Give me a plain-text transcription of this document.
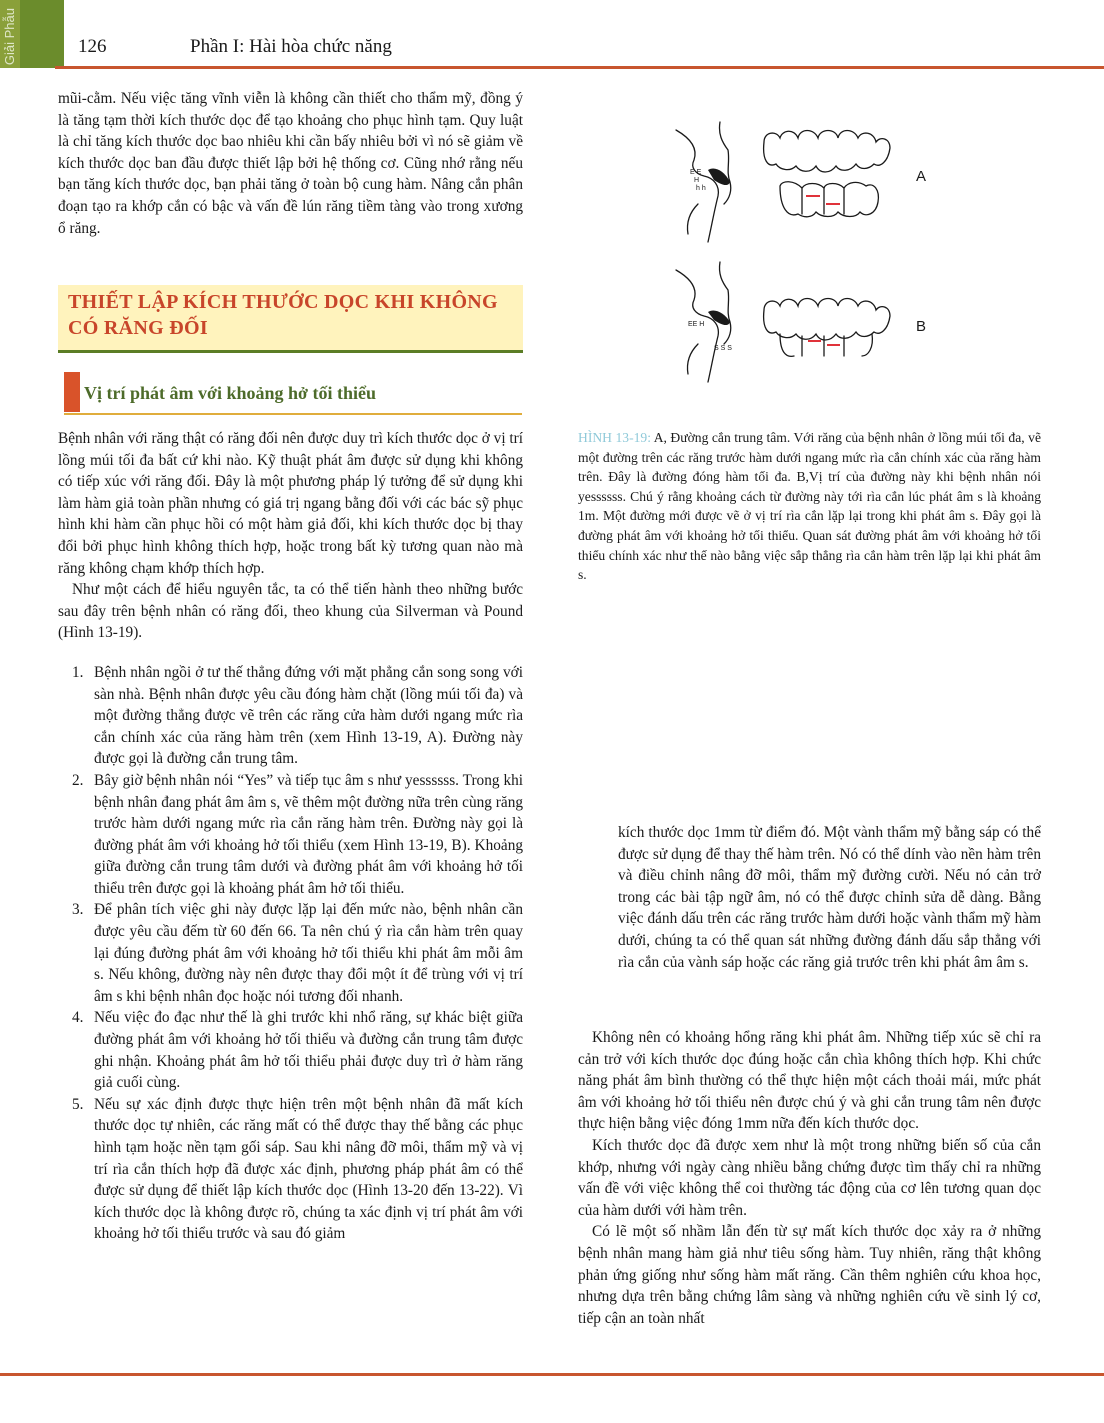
Giải Phẫu	126	Phần I: Hài hòa chức năng

mũi-cằm. Nếu việc tăng vĩnh viễn là không cần thiết cho thẩm mỹ, đồng ý là tăng tạm thời kích thước dọc để tạo khoảng cho phục hình tạm. Quy luật là chỉ tăng kích thước dọc bao nhiêu khi cần bấy nhiêu bởi vì nó sẽ giảm về kích thước dọc ban đầu được thiết lập bởi hệ thống cơ. Cũng nhớ rằng nếu bạn tăng kích thước dọc, bạn phải tăng ở toàn bộ cung hàm. Nâng cắn phân đoạn tạo ra khớp cắn có bậc và vấn đề lún răng tiềm tàng vào trong xương ổ răng.

THIẾT LẬP KÍCH THƯỚC DỌC KHI KHÔNG
CÓ RĂNG ĐỐI
Vị trí phát âm với khoảng hở tối thiểu

Bệnh nhân với răng thật có răng đối nên được duy trì kích thước dọc ở vị trí lồng múi tối đa bất cứ khi nào. Kỹ thuật phát âm được sử dụng khi không có tiếp xúc với răng đối. Đây là một phương pháp lý tưởng để sử dụng khi làm hàm giả toàn phần nhưng có giá trị ngang bằng đối với các bác sỹ phục hình khi hàm cần phục hồi có một hàm giả đối, khi kích thước dọc bị thay đổi bởi phục hình không thích hợp, hoặc trong bất kỳ tương quan nào mà răng không chạm khớp thích hợp.

Như một cách để hiểu nguyên tắc, ta có thể tiến hành theo những bước sau đây trên bệnh nhân có răng đối, theo khung của Silverman và Pound (Hình 13-19).

1. Bệnh nhân ngồi ở tư thế thẳng đứng với mặt phẳng cắn song song với sàn nhà. Bệnh nhân được yêu cầu đóng hàm chặt (lồng múi tối đa) và một đường thẳng được vẽ trên các răng cửa hàm dưới ngang mức rìa cắn chính xác của răng hàm trên (xem Hình 13-19, A). Đường này được gọi là đường cắn trung tâm.
2. Bây giờ bệnh nhân nói “Yes” và tiếp tục âm s như yessssss. Trong khi bệnh nhân đang phát âm âm s, vẽ thêm một đường nữa trên cùng răng trước hàm dưới ngang mức rìa cắn răng hàm trên. Đường này gọi là đường phát âm với khoảng hở tối thiểu (xem Hình 13-19, B). Khoảng giữa đường cắn trung tâm dưới và đường phát âm với khoảng hở tối thiểu trên được gọi là khoảng phát âm hở tối thiểu.
3. Để phân tích việc ghi này được lặp lại đến mức nào, bệnh nhân cần được yêu cầu đếm từ 60 đến 66. Ta nên chú ý rìa cắn hàm trên quay lại đúng đường phát âm với khoảng hở tối thiểu khi phát âm mỗi âm s. Nếu không, đường này nên được thay đổi một ít để trùng với vị trí âm s khi bệnh nhân đọc hoặc nói tương đối nhanh.
4. Nếu việc đo đạc như thế là ghi trước khi nhổ răng, sự khác biệt giữa đường phát âm với khoảng hở tối thiểu và đường cắn trung tâm được ghi nhận. Khoảng phát âm hở tối thiểu phải được duy trì ở hàm răng giả cuối cùng.
5. Nếu sự xác định được thực hiện trên một bệnh nhân đã mất kích thước dọc tự nhiên, các răng mất có thể được thay thế bằng các phục hình tạm hoặc nền tạm gối sáp. Sau khi nâng đỡ môi, thẩm mỹ và vị trí rìa cắn thích hợp đã được xác định, phương pháp phát âm có thể được sử dụng để thiết lập kích thước dọc (Hình 13-20 đến 13-22). Vì kích thước dọc là không được rõ, chúng ta xác định vị trí phát âm với khoảng hở tối thiểu trước và sau đó giảm
E E
H
h h
EE H
S S S
A
B

HÌNH 13-19: A, Đường cắn trung tâm. Với răng của bệnh nhân ở lồng múi tối đa, vẽ một đường trên các răng trước hàm dưới ngang mức rìa cắn chính xác của răng hàm trên. Đây là đường đóng hàm tối đa. B,Vị trí của đường này khi bệnh nhân nói yessssss. Chú ý rằng khoảng cách từ đường này tới rìa cắn lúc phát âm s là khoảng 1m. Một đường mới được vẽ ở vị trí rìa cắn lặp lại trong khi phát âm s. Đây gọi là đường phát âm với khoảng hở tối thiểu. Quan sát đường phát âm với khoảng hở tối thiểu chính xác như thế nào bằng việc sắp thẳng rìa cắn hàm trên lặp lại khi phát âm s.

kích thước dọc 1mm từ điểm đó. Một vành thẩm mỹ bằng sáp có thể được sử dụng để thay thế hàm trên. Nó có thể dính vào nền hàm trên và điều chỉnh nâng đỡ môi, thẩm mỹ đường cười. Nếu nó cản trở trong các bài tập ngữ âm, nó có thể được chỉnh sửa dễ dàng. Bằng việc đánh dấu trên các răng trước hàm dưới hoặc vành thẩm mỹ hàm dưới, chúng ta có thể quan sát những đường đánh dấu sắp thẳng với rìa cắn của vành sáp hoặc các răng giả trước trên khi phát âm âm s.

Không nên có khoảng hổng răng khi phát âm. Những tiếp xúc sẽ chỉ ra cản trở với kích thước dọc đúng hoặc cắn chìa không thích hợp. Khi chức năng phát âm bình thường có thể thực hiện một cách thoải mái, mức phát âm với khoảng hở tối thiểu nên được chú ý và ghi cắn trung tâm nên được thực hiện bằng việc đóng 1mm nữa đến kích thước dọc.

Kích thước dọc đã được xem như là một trong những biến số của cắn khớp, nhưng với ngày càng nhiều bằng chứng được tìm thấy chỉ ra những vấn đề với việc không thể coi thường tác động của cơ lên tương quan dọc của hàm dưới với hàm trên.

Có lẽ một số nhầm lẫn đến từ sự mất kích thước dọc xảy ra ở những bệnh nhân mang hàm giả như tiêu sống hàm. Tuy nhiên, răng thật không phản ứng giống như sống hàm mất răng. Cần thêm nghiên cứu khoa học, nhưng dựa trên bằng chứng lâm sàng và những nghiên cứu về sinh lý cơ, tiếp cận an toàn nhất
